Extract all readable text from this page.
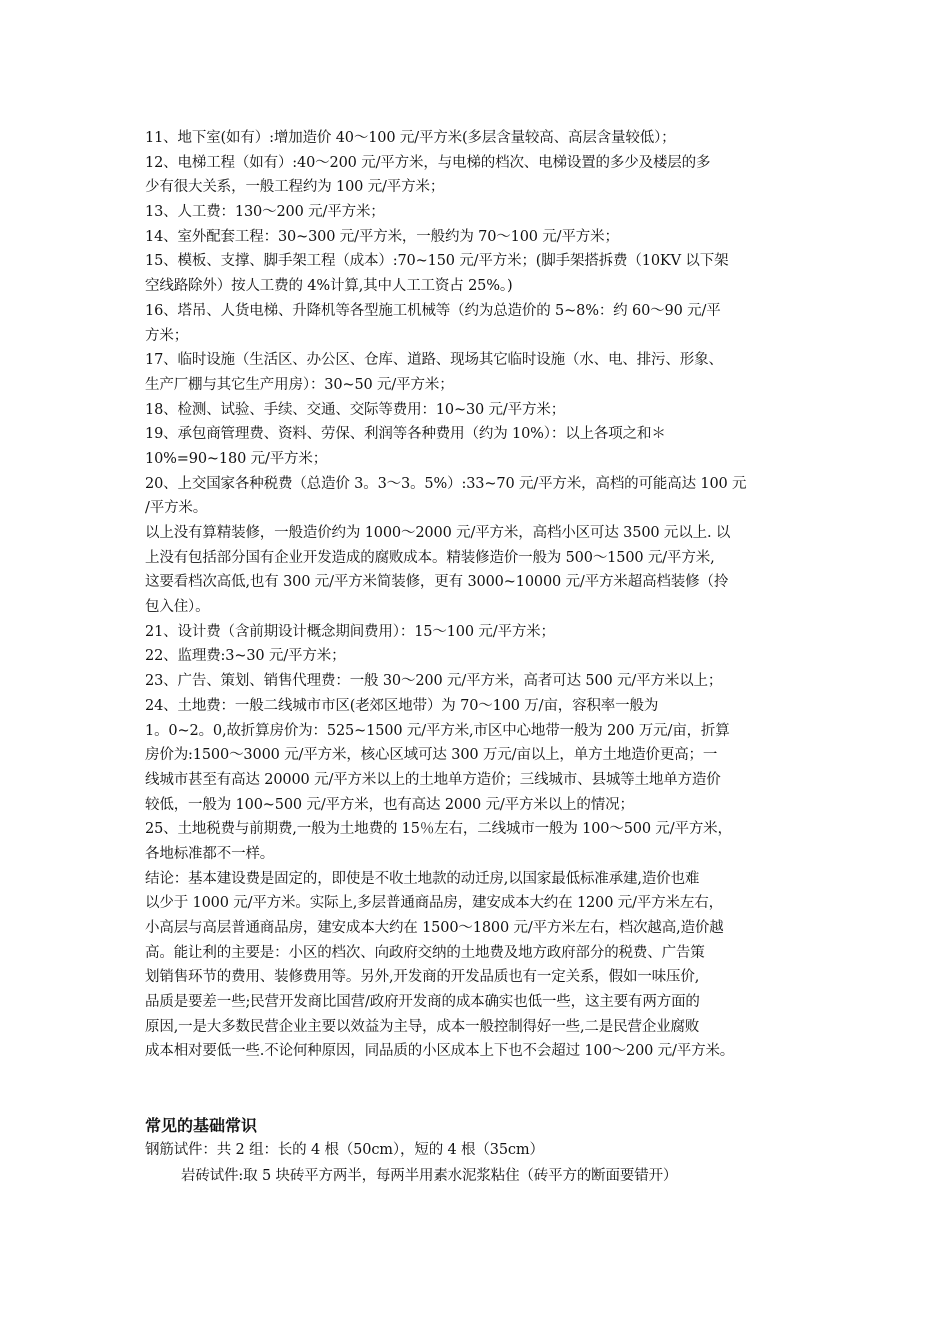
11、地下室(如有）:增加造价 40～100 元/平方米(多层含量较高、高层含量较低）；
12、电梯工程（如有）:40～200 元/平方米，与电梯的档次、电梯设置的多少及楼层的多
少有很大关系，一般工程约为 100 元/平方米；
13、人工费：130～200 元/平方米；
14、室外配套工程：30~300 元/平方米，一般约为 70～100 元/平方米；
15、模板、支撑、脚手架工程（成本）:70~150 元/平方米；(脚手架搭拆费（10KV 以下架
空线路除外）按人工费的 4%计算,其中人工工资占 25%。)
16、塔吊、人货电梯、升降机等各型施工机械等（约为总造价的 5~8%：约 60～90 元/平
方米；
17、临时设施（生活区、办公区、仓库、道路、现场其它临时设施（水、电、排污、形象、
生产厂棚与其它生产用房）：30~50 元/平方米；
18、检测、试验、手续、交通、交际等费用：10~30 元/平方米；
19、承包商管理费、资料、劳保、利润等各种费用（约为 10%）：以上各项之和＊
10%=90~180 元/平方米；
20、上交国家各种税费（总造价 3。3～3。5%）:33~70 元/平方米，高档的可能高达 100 元
/平方米。
以上没有算精装修，一般造价约为 1000～2000 元/平方米，高档小区可达 3500 元以上. 以
上没有包括部分国有企业开发造成的腐败成本。精装修造价一般为 500～1500 元/平方米,
这要看档次高低,也有 300 元/平方米简装修，更有 3000~10000 元/平方米超高档装修（拎
包入住）。
21、设计费（含前期设计概念期间费用）：15～100 元/平方米；
22、监理费:3~30 元/平方米；
23、广告、策划、销售代理费：一般 30～200 元/平方米，高者可达 500 元/平方米以上；
24、土地费：一般二线城市市区(老郊区地带）为 70～100 万/亩，容积率一般为
1。0~2。0,故折算房价为：525~1500 元/平方米,市区中心地带一般为 200 万元/亩，折算
房价为:1500～3000 元/平方米，核心区域可达 300 万元/亩以上，单方土地造价更高；一
线城市甚至有高达 20000 元/平方米以上的土地单方造价；三线城市、县城等土地单方造价
较低，一般为 100~500 元/平方米，也有高达 2000 元/平方米以上的情况；
25、土地税费与前期费,一般为土地费的 15％左右，二线城市一般为 100～500 元/平方米，
各地标准都不一样。
结论：基本建设费是固定的，即使是不收土地款的动迁房,以国家最低标准承建,造价也难
以少于 1000 元/平方米。实际上,多层普通商品房，建安成本大约在 1200 元/平方米左右，
小高层与高层普通商品房，建安成本大约在 1500～1800 元/平方米左右，档次越高,造价越
高。能让利的主要是：小区的档次、向政府交纳的土地费及地方政府部分的税费、广告策
划销售环节的费用、装修费用等。另外,开发商的开发品质也有一定关系，假如一味压价,
品质是要差一些;民营开发商比国营/政府开发商的成本确实也低一些，这主要有两方面的
原因,一是大多数民营企业主要以效益为主导，成本一般控制得好一些,二是民营企业腐败
成本相对要低一些.不论何种原因，同品质的小区成本上下也不会超过 100～200 元/平方米。
常见的基础常识
钢筋试件：共 2 组：长的 4 根（50cm），短的 4 根（35cm）
岩砖试件:取 5 块砖平方两半，每两半用素水泥浆粘住（砖平方的断面要错开）
